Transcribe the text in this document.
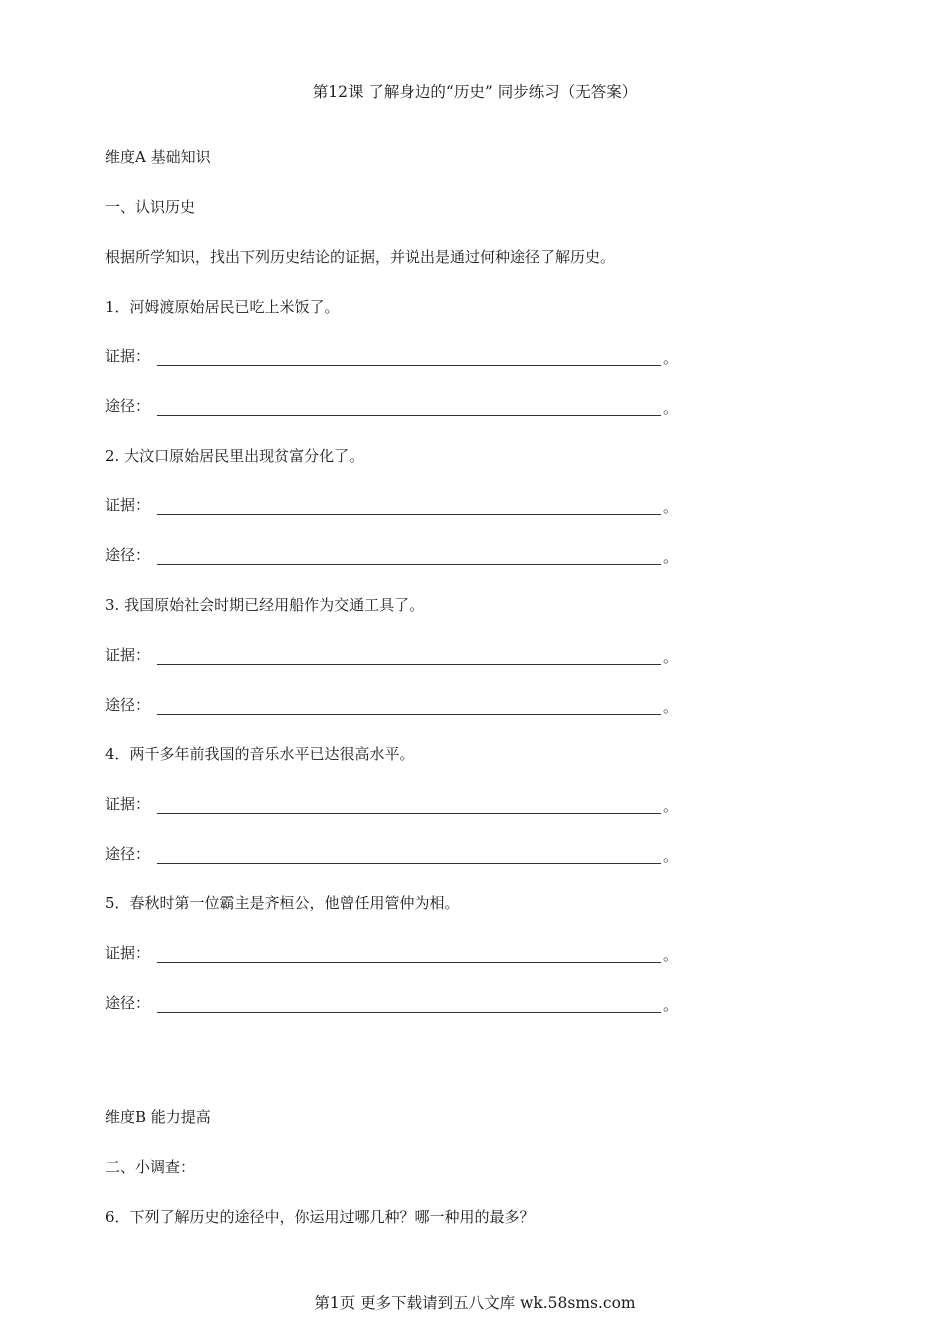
第12课 了解身边的“历史” 同步练习（无答案）
维度A 基础知识
一、认识历史
根据所学知识，找出下列历史结论的证据，并说出是通过何种途径了解历史。
1．河姆渡原始居民已吃上米饭了。
证据：	。
途径：	。
2. 大汶口原始居民里出现贫富分化了。
证据：	。
途径：	。
3. 我国原始社会时期已经用船作为交通工具了。
证据：	。
途径：	。
4．两千多年前我国的音乐水平已达很高水平。
证据：	。
途径：	。
5．春秋时第一位霸主是齐桓公，他曾任用管仲为相。
证据：	。
途径：	。
维度B 能力提高
二、小调查：
6．下列了解历史的途径中，你运用过哪几种？哪一种用的最多？
第1页 更多下载请到五八文库 wk.58sms.com
